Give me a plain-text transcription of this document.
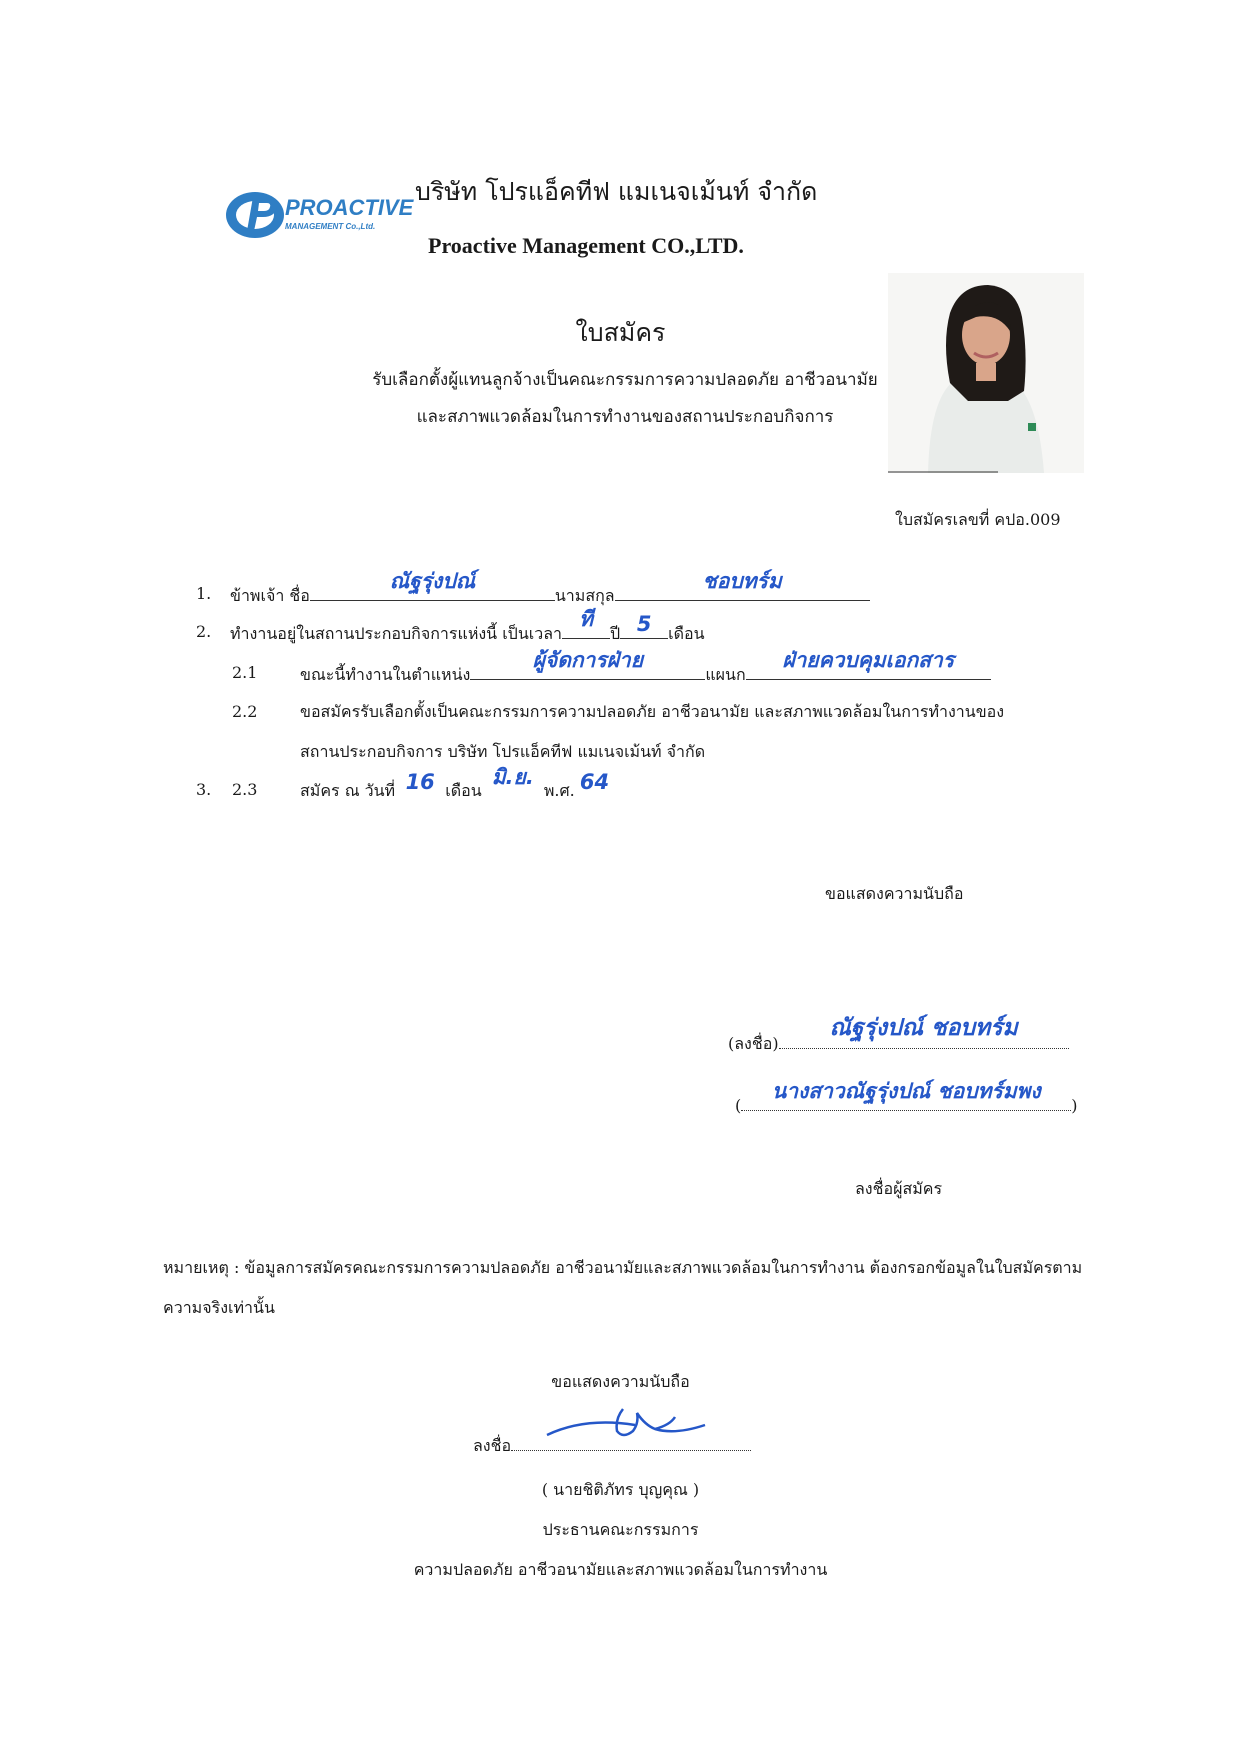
PROACTIVE
MANAGEMENT Co.,Ltd.
บริษัท โปรแอ็คทีฟ แมเนจเม้นท์ จำกัด
Proactive Management CO.,LTD.
ใบสมัคร
รับเลือกตั้งผู้แทนลูกจ้างเป็นคณะกรรมการความปลอดภัย อาชีวอนามัย
และสภาพแวดล้อมในการทำงานของสถานประกอบกิจการ
ใบสมัครเลขที่ คปอ.009
1. ข้าพเจ้า ชื่อ
ณัฐรุ่งปณ์
นามสกุล
ชอบทร์ม
2. ทำงานอยู่ในสถานประกอบกิจการแห่งนี้ เป็นเวลา
ที
ปี 5	เดือน
2.1	ขณะนี้ทำงานในตำแหน่ง
ผู้จัดการฝ่าย
แผนก
ฝ่ายควบคุมเอกสาร
2.2	ขอสมัครรับเลือกตั้งเป็นคณะกรรมการความปลอดภัย อาชีวอนามัย และสภาพแวดล้อมในการทำงานของ
สถานประกอบกิจการ บริษัท โปรแอ็คทีฟ แมเนจเม้นท์ จำกัด
3. 2.3	สมัคร ณ วันที่ 16 เดือน
มิ.ย.
พ.ศ. 64
ขอแสดงความนับถือ
(ลงชื่อ)
ณัฐรุ่งปณ์ ชอบทร์ม
(
นางสาวณัฐรุ่งปณ์ ชอบทร์มพง
)
ลงชื่อผู้สมัคร
หมายเหตุ : ข้อมูลการสมัครคณะกรรมการความปลอดภัย อาชีวอนามัยและสภาพแวดล้อมในการทำงาน ต้องกรอกข้อมูลในใบสมัครตามความจริงเท่านั้น
ขอแสดงความนับถือ
ลงชื่อ
( นายชิติภัทร บุญคุณ )
ประธานคณะกรรมการ
ความปลอดภัย อาชีวอนามัยและสภาพแวดล้อมในการทำงาน
